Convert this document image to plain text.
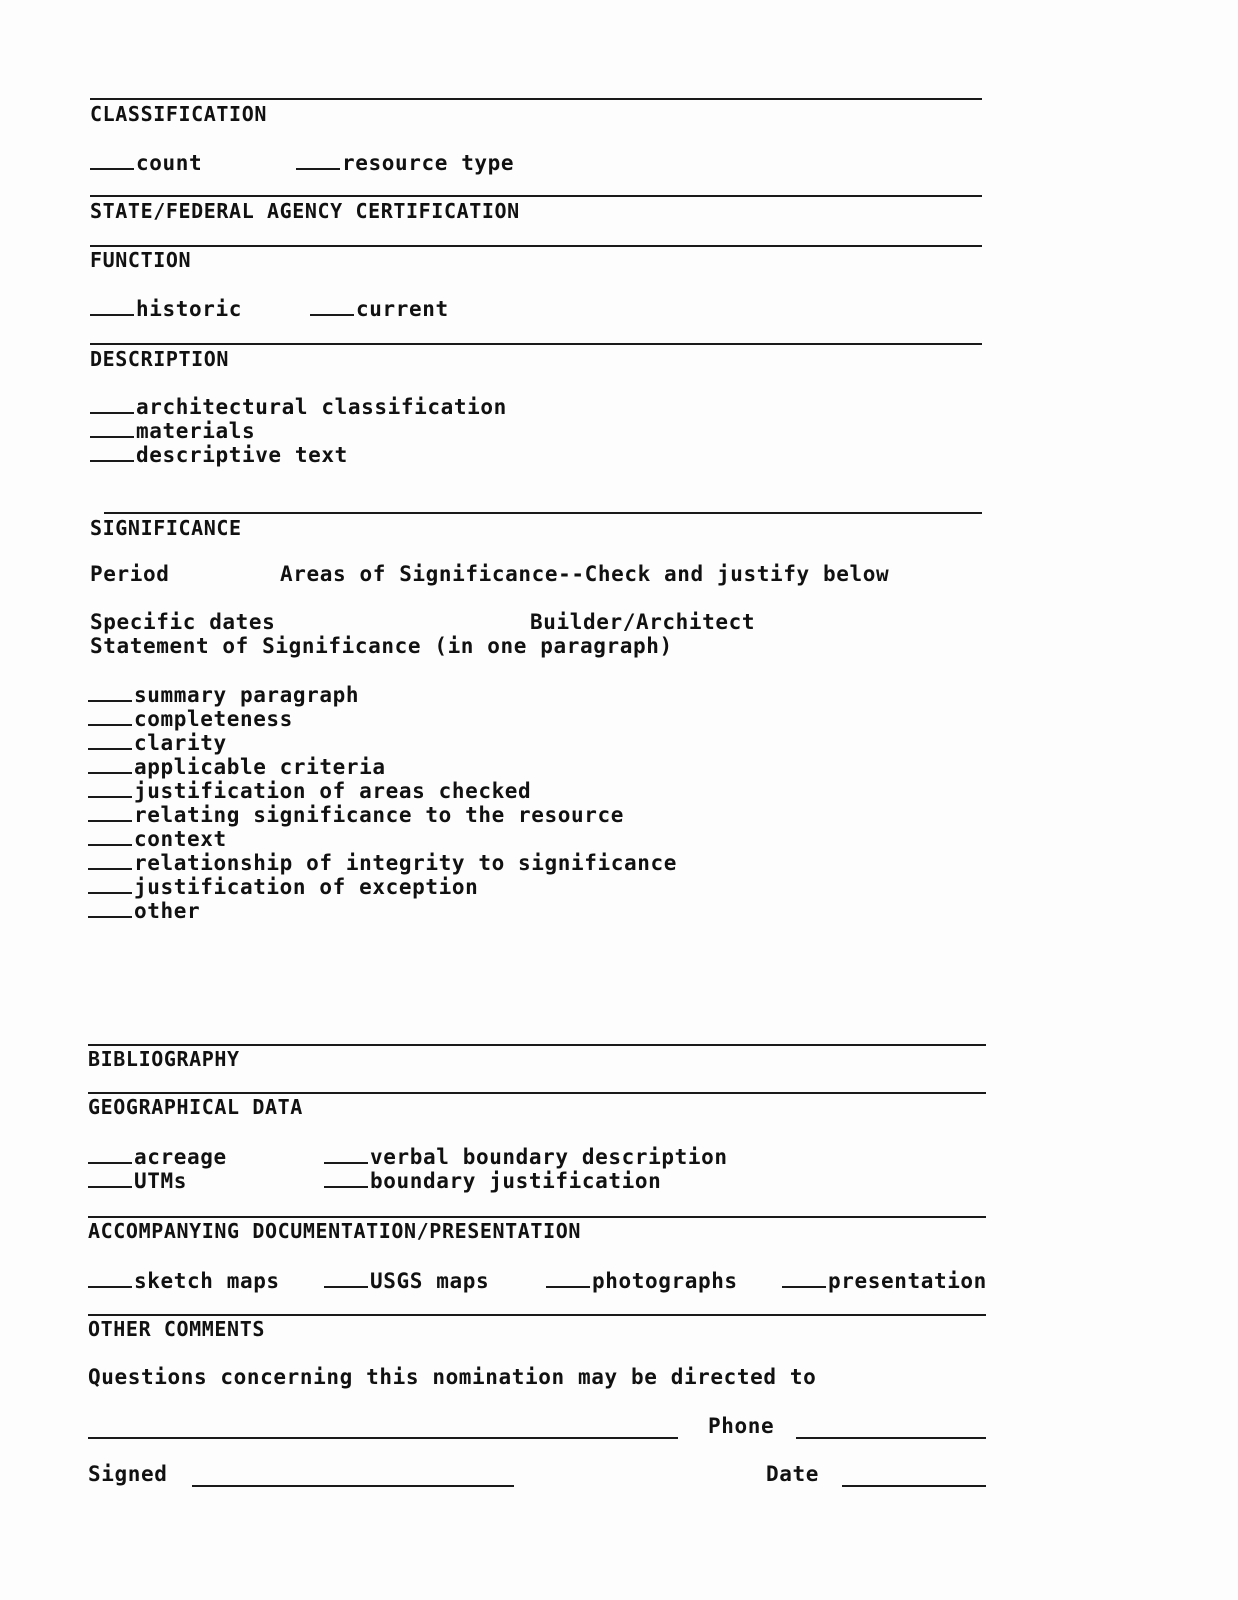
CLASSIFICATION
count	resource type
STATE/FEDERAL AGENCY CERTIFICATION
FUNCTION
historic	current
DESCRIPTION
architectural classification
materials
descriptive text
SIGNIFICANCE
Period	Areas of Significance--Check and justify below
Specific dates	Builder/Architect
Statement of Significance (in one paragraph)
summary paragraph
completeness
clarity
applicable criteria
justification of areas checked
relating significance to the resource
context
relationship of integrity to significance
justification of exception
other
BIBLIOGRAPHY
GEOGRAPHICAL DATA
acreage	verbal boundary description
UTMs	boundary justification
ACCOMPANYING DOCUMENTATION/PRESENTATION
sketch maps	USGS maps	photographs	presentation
OTHER COMMENTS
Questions concerning this nomination may be directed to
Phone
Signed	Date
